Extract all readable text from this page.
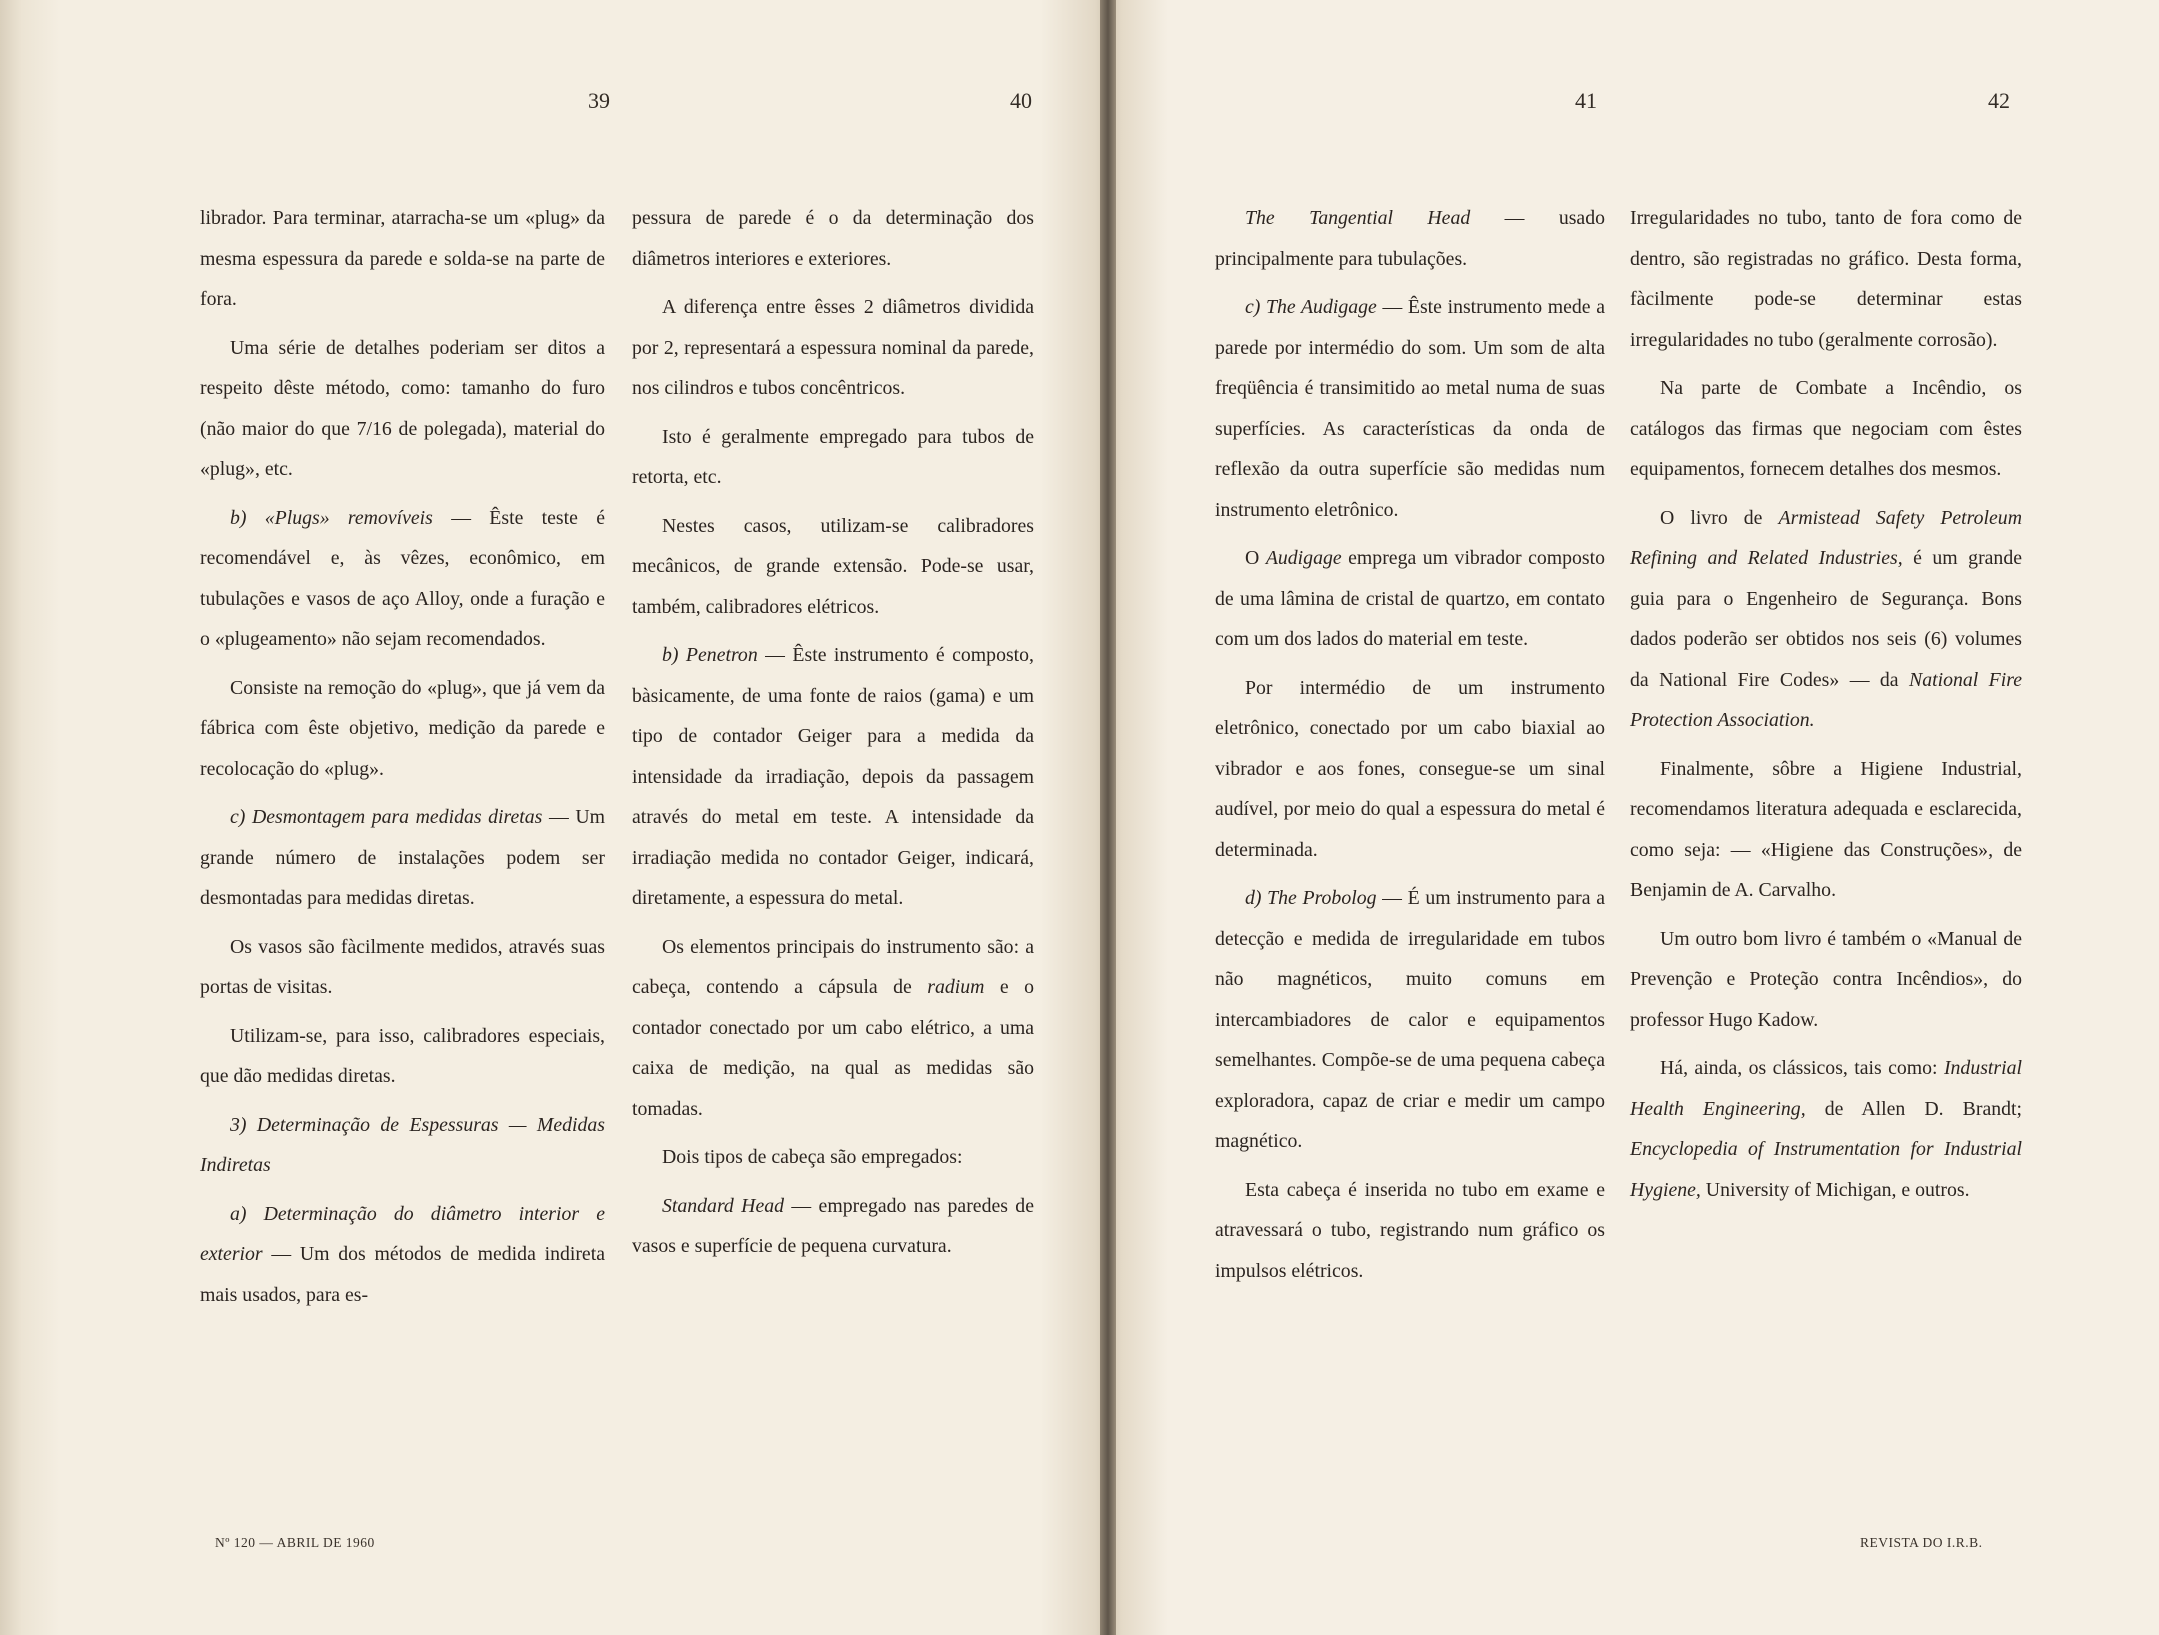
39	40	41	42

librador. Para terminar, atarracha-se um «plug» da mesma espessura da parede e solda-se na parte de fora.

Uma série de detalhes poderiam ser ditos a respeito dêste método, como: tamanho do furo (não maior do que 7/16 de polegada), material do «plug», etc.

b) «Plugs» removíveis — Êste teste é recomendável e, às vêzes, econômico, em tubulações e vasos de aço Alloy, onde a furação e o «plugeamento» não sejam recomendados.

Consiste na remoção do «plug», que já vem da fábrica com êste objetivo, medição da parede e recolocação do «plug».

c) Desmontagem para medidas diretas — Um grande número de instalações podem ser desmontadas para medidas diretas.

Os vasos são fàcilmente medidos, através suas portas de visitas.

Utilizam-se, para isso, calibradores especiais, que dão medidas diretas.

3) Determinação de Espessuras — Medidas Indiretas

a) Determinação do diâmetro interior e exterior — Um dos métodos de medida indireta mais usados, para es-

pessura de parede é o da determinação dos diâmetros interiores e exteriores.

A diferença entre êsses 2 diâmetros dividida por 2, representará a espessura nominal da parede, nos cilindros e tubos concêntricos.

Isto é geralmente empregado para tubos de retorta, etc.

Nestes casos, utilizam-se calibradores mecânicos, de grande extensão. Pode-se usar, também, calibradores elétricos.

b) Penetron — Êste instrumento é composto, bàsicamente, de uma fonte de raios (gama) e um tipo de contador Geiger para a medida da intensidade da irradiação, depois da passagem através do metal em teste. A intensidade da irradiação medida no contador Geiger, indicará, diretamente, a espessura do metal.

Os elementos principais do instrumento são: a cabeça, contendo a cápsula de radium e o contador conectado por um cabo elétrico, a uma caixa de medição, na qual as medidas são tomadas.

Dois tipos de cabeça são empregados:

Standard Head — empregado nas paredes de vasos e superfície de pequena curvatura.

The Tangential Head — usado principalmente para tubulações.

c) The Audigage — Êste instrumento mede a parede por intermédio do som. Um som de alta freqüência é transimitido ao metal numa de suas superfícies. As características da onda de reflexão da outra superfície são medidas num instrumento eletrônico.

O Audigage emprega um vibrador composto de uma lâmina de cristal de quartzo, em contato com um dos lados do material em teste.

Por intermédio de um instrumento eletrônico, conectado por um cabo biaxial ao vibrador e aos fones, consegue-se um sinal audível, por meio do qual a espessura do metal é determinada.

d) The Probolog — É um instrumento para a detecção e medida de irregularidade em tubos não magnéticos, muito comuns em intercambiadores de calor e equipamentos semelhantes. Compõe-se de uma pequena cabeça exploradora, capaz de criar e medir um campo magnético.

Esta cabeça é inserida no tubo em exame e atravessará o tubo, registrando num gráfico os impulsos elétricos.

Irregularidades no tubo, tanto de fora como de dentro, são registradas no gráfico. Desta forma, fàcilmente pode-se determinar estas irregularidades no tubo (geralmente corrosão).

Na parte de Combate a Incêndio, os catálogos das firmas que negociam com êstes equipamentos, fornecem detalhes dos mesmos.

O livro de Armistead Safety Petroleum Refining and Related Industries, é um grande guia para o Engenheiro de Segurança. Bons dados poderão ser obtidos nos seis (6) volumes da National Fire Codes» — da National Fire Protection Association.

Finalmente, sôbre a Higiene Industrial, recomendamos literatura adequada e esclarecida, como seja: — «Higiene das Construções», de Benjamin de A. Carvalho.

Um outro bom livro é também o «Manual de Prevenção e Proteção contra Incêndios», do professor Hugo Kadow.

Há, ainda, os clássicos, tais como: Industrial Health Engineering, de Allen D. Brandt; Encyclopedia of Instrumentation for Industrial Hygiene, University of Michigan, e outros.

Nº 120 — ABRIL DE 1960	REVISTA DO I.R.B.
